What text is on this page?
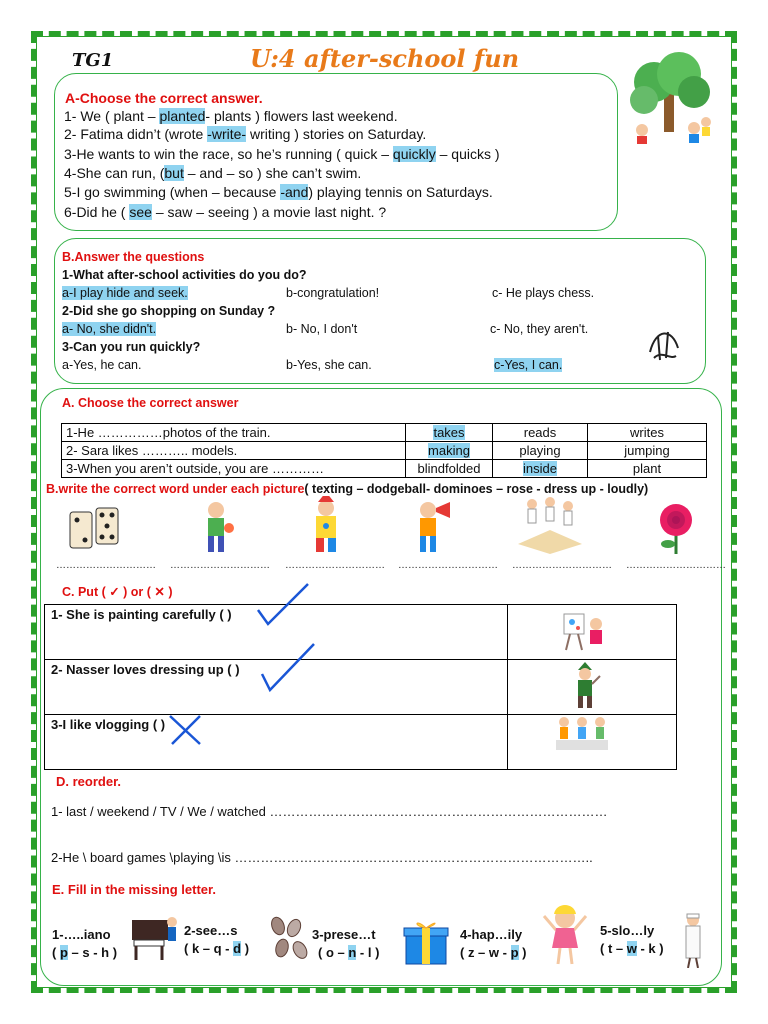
TG1	U:4 after-school fun
A-Choose the correct answer.
1- We ( plant – planted- plants ) flowers last weekend.
2- Fatima didn’t (wrote -write- writing ) stories on Saturday.
3-He wants to win the race, so he’s running ( quick – quickly – quicks )
4-She can run, (but – and – so ) she can’t swim.
5-I go swimming (when – because -and) playing tennis on Saturdays.
6-Did he ( see – saw – seeing ) a movie last night. ?
B.Answer the questions
1-What after-school activities do you do?
a-I play hide and seek.	b-congratulation!	c- He plays chess.
2-Did she go shopping on Sunday ?
a- No, she didn't.	b- No, I don't	c- No, they aren't.
3-Can you run quickly?
a-Yes, he can.	b-Yes, she can.	c-Yes, I can.
A. Choose the correct answer
1-He ……………photos of the train.	takes	reads	writes
2- Sara likes ……….. models.	making	playing	jumping
3-When you aren’t outside, you are …………	blindfolded	inside	plant
B.write the correct word under each picture( texting – dodgeball- dominoes – rose - dress up - loudly)
………………………… ………………………… ………………………… ………………………… ………………………… …………………………
C. Put ( ✓ ) or ( ✕ )
1- She is painting carefully ( )	
2- Nasser loves dressing up ( )	
3-I like vlogging ( )	
D. reorder.
1- last / weekend / TV / We / watched ……………………………………………………………………
2-He \ board games \playing \is ………………………………………………………………………..
E. Fill in the missing letter.
1-…..iano
( p – s - h )
2-see…s
( k – q - d )
3-prese…t
( o – n - l )
4-hap…ily
( z – w - p )
5-slo…ly
( t – w - k )
